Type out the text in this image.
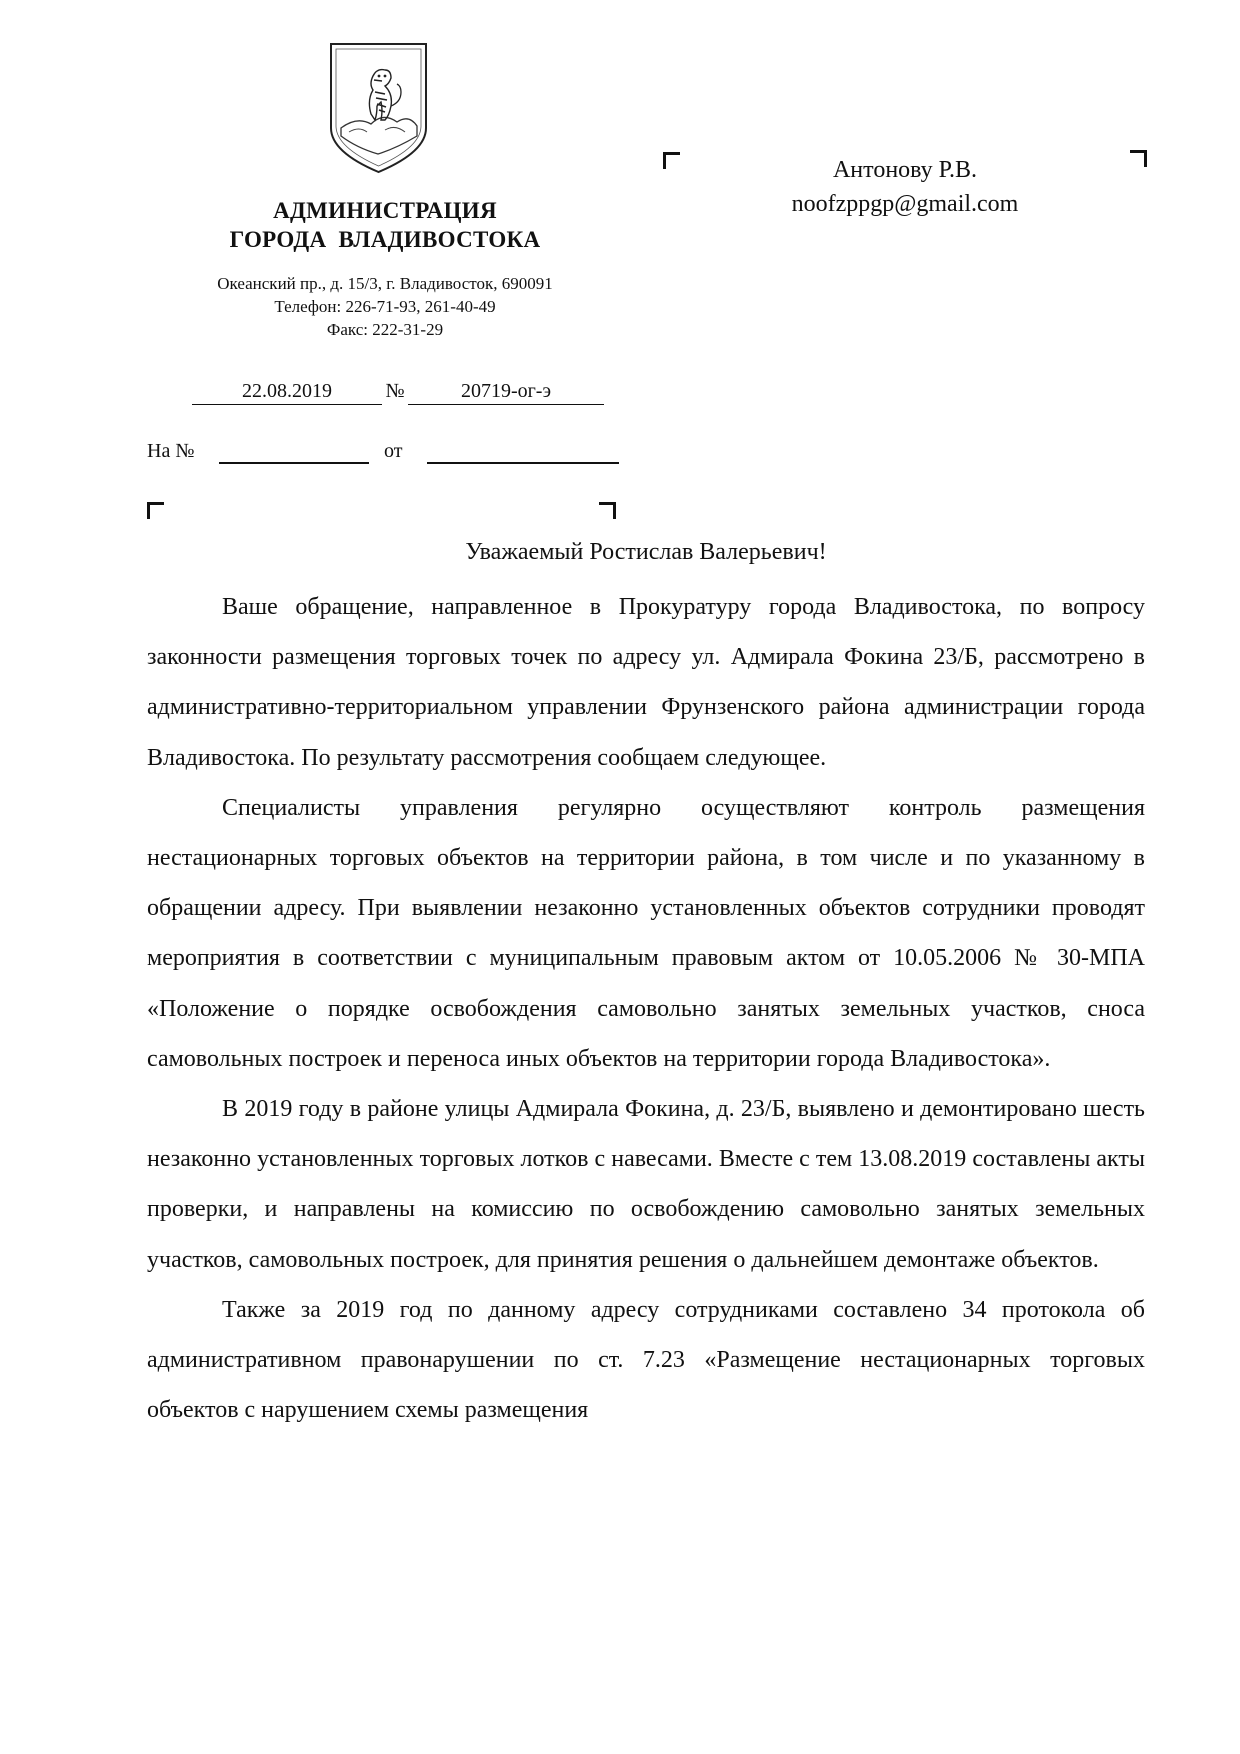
АДМИНИСТРАЦИЯ
ГОРОДА  ВЛАДИВОСТОКА
Океанский пр., д. 15/3, г. Владивосток, 690091
Телефон: 226-71-93, 261-40-49
Факс: 222-31-29
Антонову Р.В.
noofzppgp@gmail.com
22.08.2019	№	20719-ог-э
На №	от
Уважаемый Ростислав Валерьевич!

Ваше обращение, направленное в Прокуратуру города Владивостока, по вопросу законности размещения торговых точек по адресу ул. Адмирала Фокина 23/Б, рассмотрено в административно-территориальном управлении Фрунзенского района администрации города Владивостока. По результату рассмотрения сообщаем следующее.

Специалисты управления регулярно осуществляют контроль размещения нестационарных торговых объектов на территории района, в том числе и по указанному в обращении адресу. При выявлении незаконно установленных объектов сотрудники проводят мероприятия в соответствии с муниципальным правовым актом от 10.05.2006 № 30-МПА «Положение о порядке освобождения самовольно занятых земельных участков, сноса самовольных построек и переноса иных объектов на территории города Владивостока».

В 2019 году в районе улицы Адмирала Фокина, д. 23/Б, выявлено и демонтировано шесть незаконно установленных торговых лотков с навесами. Вместе с тем 13.08.2019 составлены акты проверки, и направлены на комиссию по освобождению самовольно занятых земельных участков, самовольных построек, для принятия решения о дальнейшем демонтаже объектов.

Также за 2019 год по данному адресу сотрудниками составлено 34 протокола об административном правонарушении по ст. 7.23 «Размещение нестационарных торговых объектов с нарушением схемы размещения
